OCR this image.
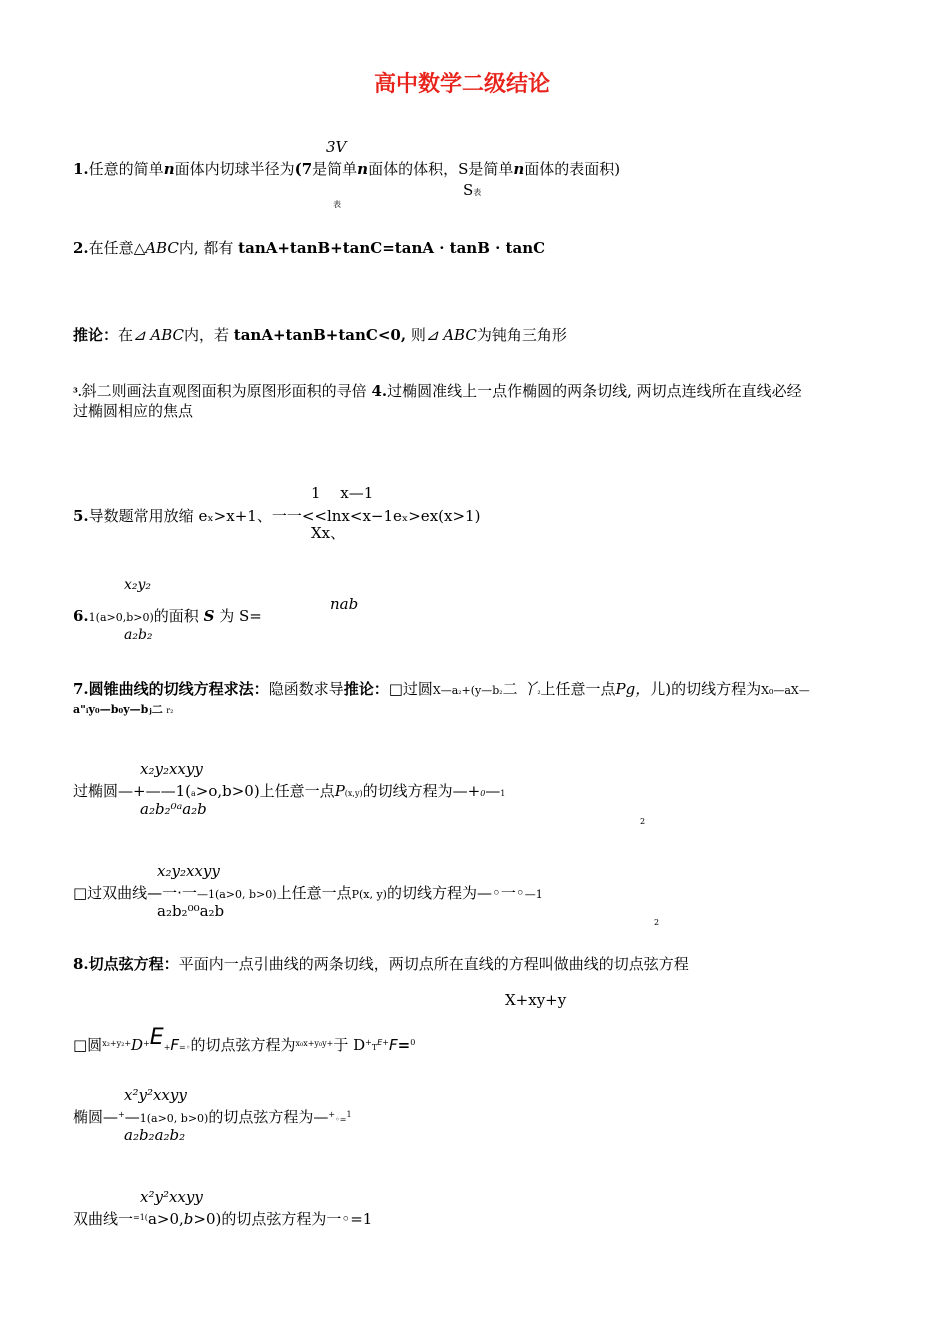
高中数学二级结论
3V
1.任意的简单n面体内切球半径为(7是简单n面体的体积，S是简单n面体的表面积)
S表
表
2.在任意△ABC内, 都有 tanA+tanB+tanC=tanA · tanB · tanC
推论：在⊿ ABC内，若 tanA+tanB+tanC<0, 则⊿ ABC为钝角三角形
³.斜二则画法直观图面积为原图形面积的寻倍 4.过椭圆准线上一点作椭圆的两条切线, 两切点连线所在直线必经
过椭圆相应的焦点
1　 x—1
5.导数题常用放缩 eₓ>x+1、一一<<lnx<x−1eₓ>ex(x>1)
Xx、
x₂y₂
6.1(a>0,b>0)的面积 S 为 S=
nab
a₂b₂
7.圆锥曲线的切线方程求法：隐函数求导推论：□过圆X—a₂+(y—b₂二 丫₂上任意一点Pg，儿)的切线方程为X₀—aX—
a"ᵢy₀—b₀y—bⱼ二 r₂
x₂y₂xxyy
过椭圆—+——1(a>o,b>0)上任意一点P(x,y)的切线方程为—+0—1
a₂b₂⁰ᵃa₂b
2
x₂y₂xxyy
□过双曲线—一·一—1(a>0, b>0)上任意一点P(x, y)的切线方程为—◦一◦—1
a₂b₂⁰⁰a₂b
2
8.切点弦方程：平面内一点引曲线的两条切线，两切点所在直线的方程叫做曲线的切点弦方程
X+xy+y
□圆$^{x_2+y_2+}$D+E+F=◦的切点弦方程为$^{x_0x+y_0y+}$于 $D^+T^{E+}F=^0$
x²y²xxyy
椭圆—+—1(a>0, b>0)的切点弦方程为—+◦=$^1$
a₂b₂a₂b₂
x²y²xxyy
双曲线一$^{=1(}$a>0,b>0)的切点弦方程为一◦=1
